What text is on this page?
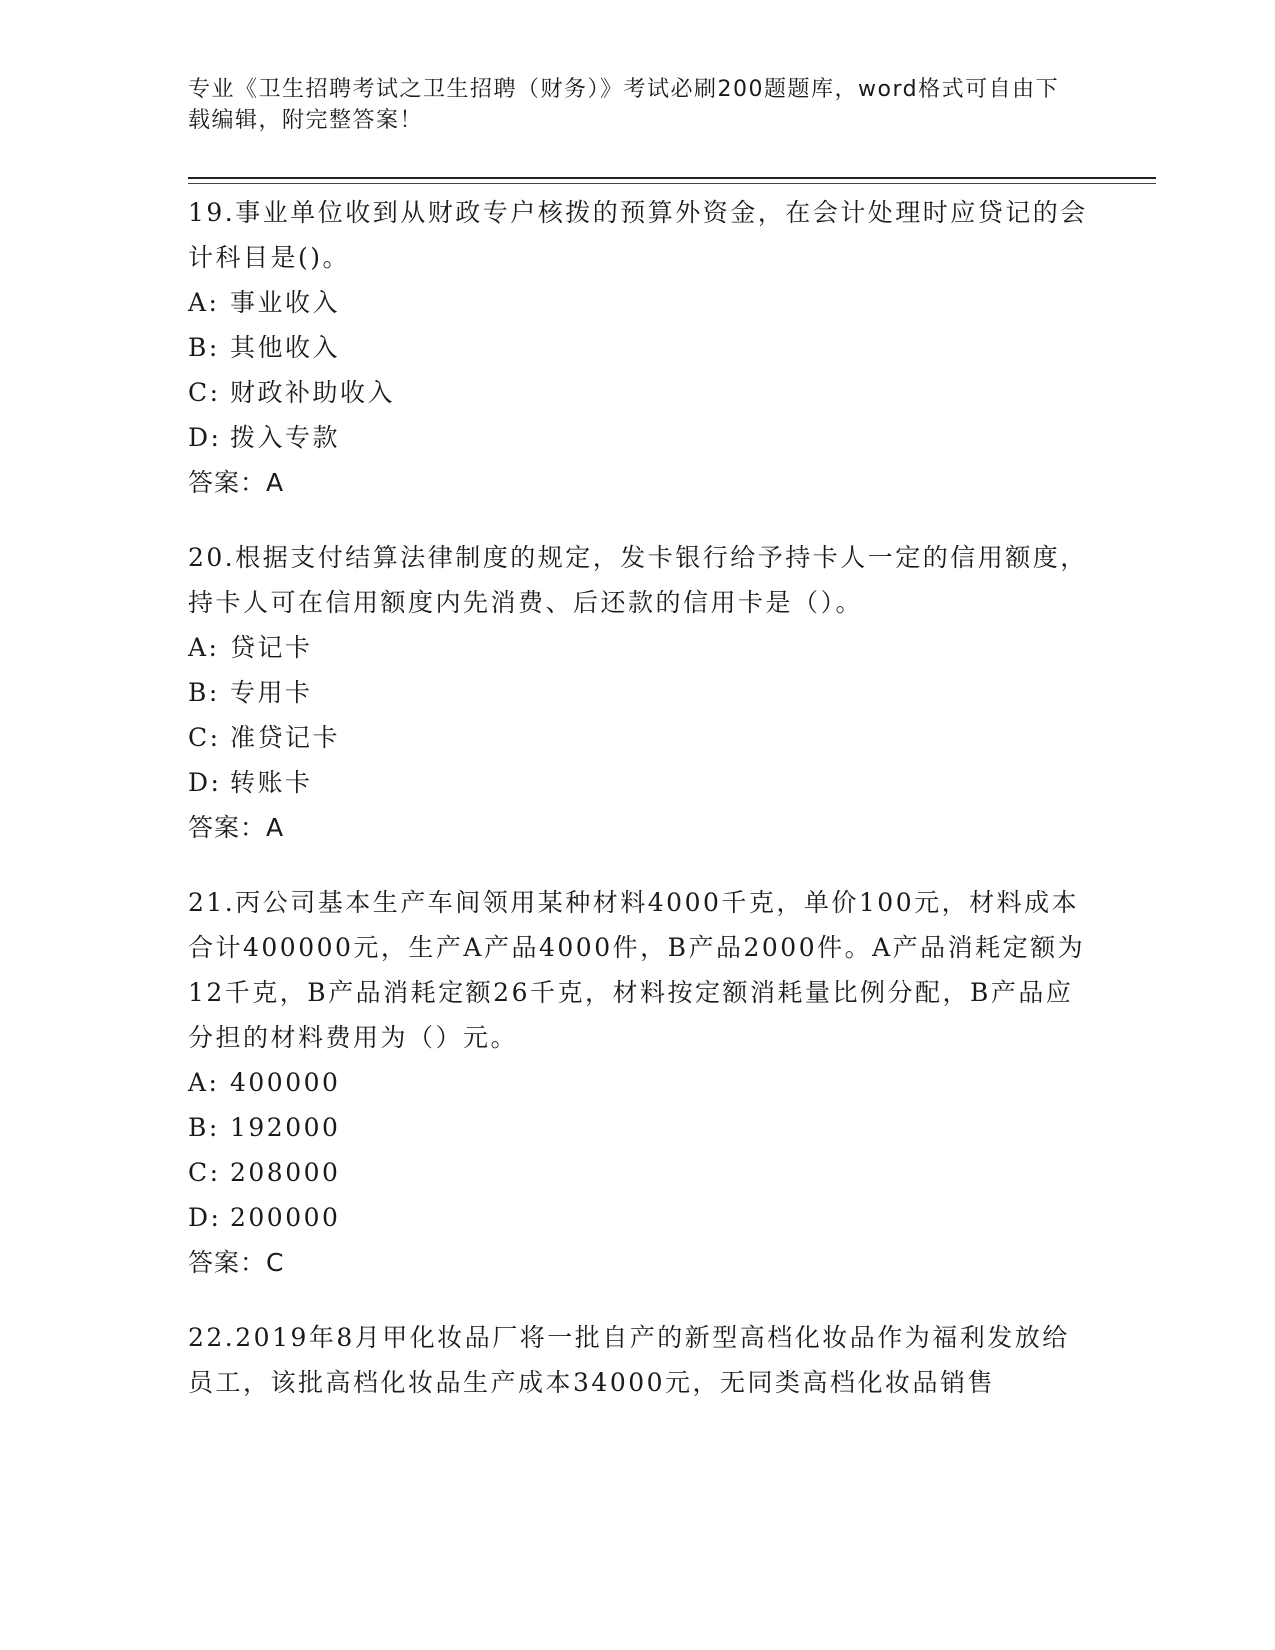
专业《卫生招聘考试之卫生招聘（财务）》考试必刷200题题库，word格式可自由下载编辑，附完整答案！

19.事业单位收到从财政专户核拨的预算外资金，在会计处理时应贷记的会计科目是()。

A: 事业收入

B: 其他收入

C: 财政补助收入

D: 拨入专款

答案：A

20.根据支付结算法律制度的规定，发卡银行给予持卡人一定的信用额度，持卡人可在信用额度内先消费、后还款的信用卡是（）。

A: 贷记卡

B: 专用卡

C: 准贷记卡

D: 转账卡

答案：A

21.丙公司基本生产车间领用某种材料4000千克，单价100元，材料成本合计400000元，生产A产品4000件，B产品2000件。A产品消耗定额为12千克，B产品消耗定额26千克，材料按定额消耗量比例分配，B产品应分担的材料费用为（）元。

A: 400000

B: 192000

C: 208000

D: 200000

答案：C

22.2019年8月甲化妆品厂将一批自产的新型高档化妆品作为福利发放给员工，该批高档化妆品生产成本34000元，无同类高档化妆品销售
